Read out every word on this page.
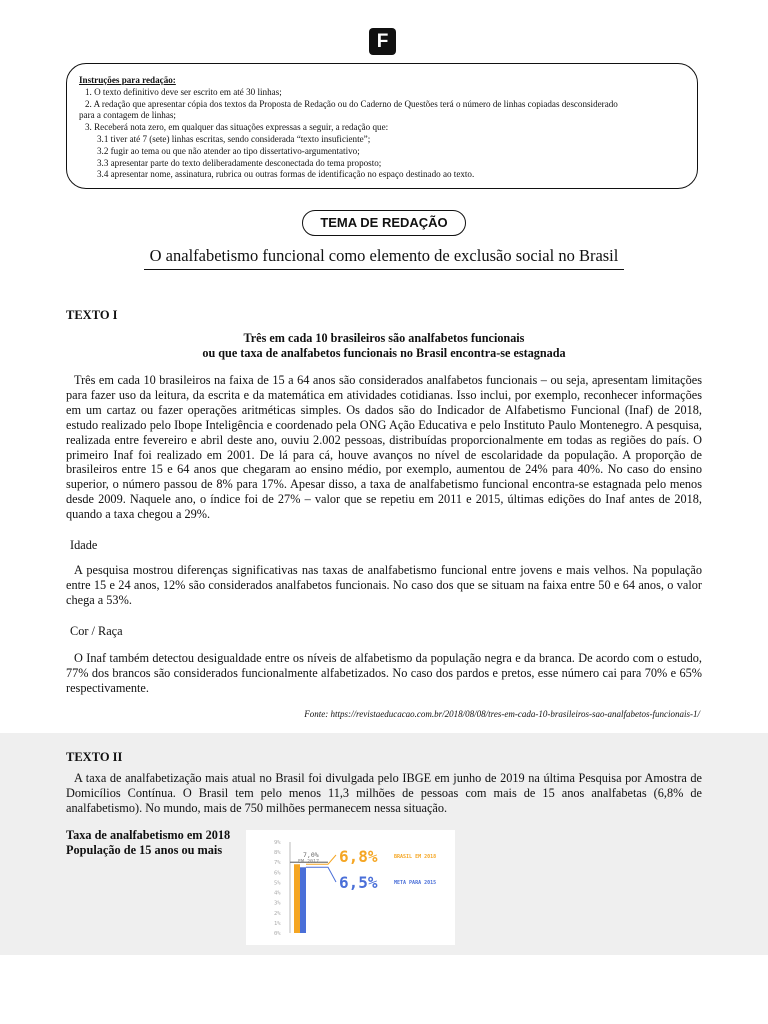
F
Instruções para redação:
1. O texto definitivo deve ser escrito em até 30 linhas;
2. A redação que apresentar cópia dos textos da Proposta de Redação ou do Caderno de Questões terá o número de linhas copiadas desconsiderado
para a contagem de linhas;
3. Receberá nota zero, em qualquer das situações expressas a seguir, a redação que:
3.1 tiver até 7 (sete) linhas escritas, sendo considerada “texto insuficiente”;
3.2 fugir ao tema ou que não atender ao tipo dissertativo-argumentativo;
3.3 apresentar parte do texto deliberadamente desconectada do tema proposto;
3.4 apresentar nome, assinatura, rubrica ou outras formas de identificação no espaço destinado ao texto.
TEMA DE REDAÇÃO
O analfabetismo funcional como elemento de exclusão social no Brasil
TEXTO I
Três em cada 10 brasileiros são analfabetos funcionais
ou que taxa de analfabetos funcionais no Brasil encontra-se estagnada
Três em cada 10 brasileiros na faixa de 15 a 64 anos são considerados analfabetos funcionais – ou seja, apresentam limitações para fazer uso da leitura, da escrita e da matemática em atividades cotidianas. Isso inclui, por exemplo, reconhecer informações em um cartaz ou fazer operações aritméticas simples. Os dados são do Indicador de Alfabetismo Funcional (Inaf) de 2018, estudo realizado pelo Ibope Inteligência e coordenado pela ONG Ação Educativa e pelo Instituto Paulo Montenegro. A pesquisa, realizada entre fevereiro e abril deste ano, ouviu 2.002 pessoas, distribuídas proporcionalmente em todas as regiões do país. O primeiro Inaf foi realizado em 2001. De lá para cá, houve avanços no nível de escolaridade da população. A proporção de brasileiros entre 15 e 64 anos que chegaram ao ensino médio, por exemplo, aumentou de 24% para 40%. No caso do ensino superior, o número passou de 8% para 17%. Apesar disso, a taxa de analfabetismo funcional encontra-se estagnada pelo menos desde 2009. Naquele ano, o índice foi de 27% – valor que se repetiu em 2011 e 2015, últimas edições do Inaf antes de 2018, quando a taxa chegou a 29%.
Idade
A pesquisa mostrou diferenças significativas nas taxas de analfabetismo funcional entre jovens e mais velhos. Na população entre 15 e 24 anos, 12% são considerados analfabetos funcionais. No caso dos que se situam na faixa entre 50 e 64 anos, o valor chega a 53%.
Cor / Raça
O Inaf também detectou desigualdade entre os níveis de alfabetismo da população negra e da branca. De acordo com o estudo, 77% dos brancos são considerados funcionalmente alfabetizados. No caso dos pardos e pretos, esse número cai para 70% e 65% respectivamente.
Fonte: https://revistaeducacao.com.br/2018/08/08/tres-em-cada-10-brasileiros-sao-analfabetos-funcionais-1/
TEXTO II
A taxa de analfabetização mais atual no Brasil foi divulgada pelo IBGE em junho de 2019 na última Pesquisa por Amostra de Domicílios Contínua. O Brasil tem pelo menos 11,3 milhões de pessoas com mais de 15 anos analfabetas (6,8% de analfabetismo). No mundo, mais de 750 milhões permanecem nessa situação.
Taxa de analfabetismo em 2018
População de 15 anos ou mais
0%
1%
2%
3%
4%
5%
6%
7%
8%
9%
7,0%
EM 2017 6,8%	BRASIL EM 2018
6,5%	META PARA 2015
